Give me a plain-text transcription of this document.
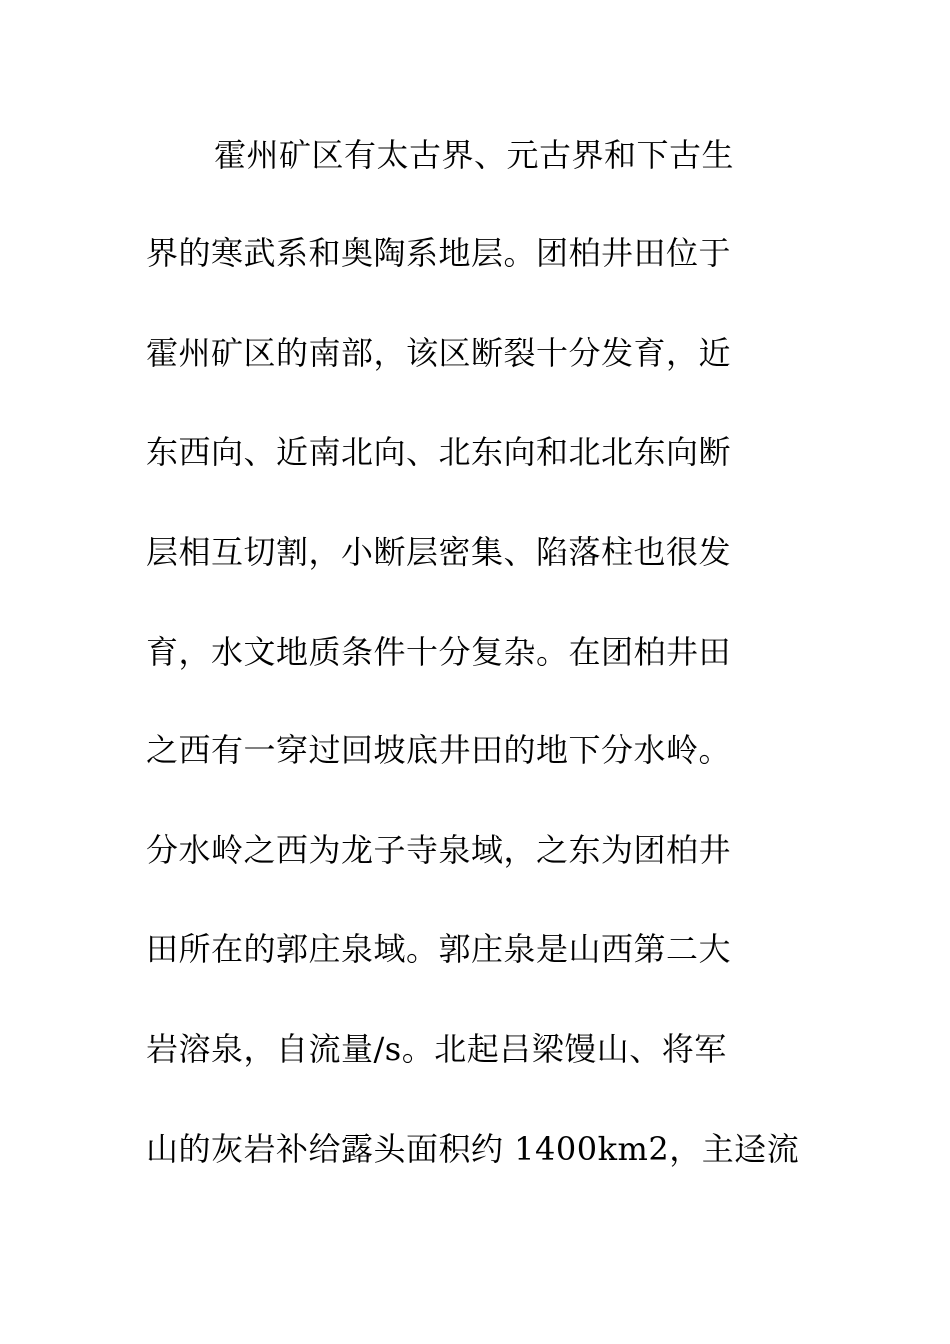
霍州矿区有太古界、元古界和下古生
界的寒武系和奥陶系地层。团柏井田位于
霍州矿区的南部，该区断裂十分发育，近
东西向、近南北向、北东向和北北东向断
层相互切割，小断层密集、陷落柱也很发
育，水文地质条件十分复杂。在团柏井田
之西有一穿过回坡底井田的地下分水岭。
分水岭之西为龙子寺泉域，之东为团柏井
田所在的郭庄泉域。郭庄泉是山西第二大
岩溶泉，自流量/s。北起吕梁馒山、将军
山的灰岩补给露头面积约 1400km2，主迳流
